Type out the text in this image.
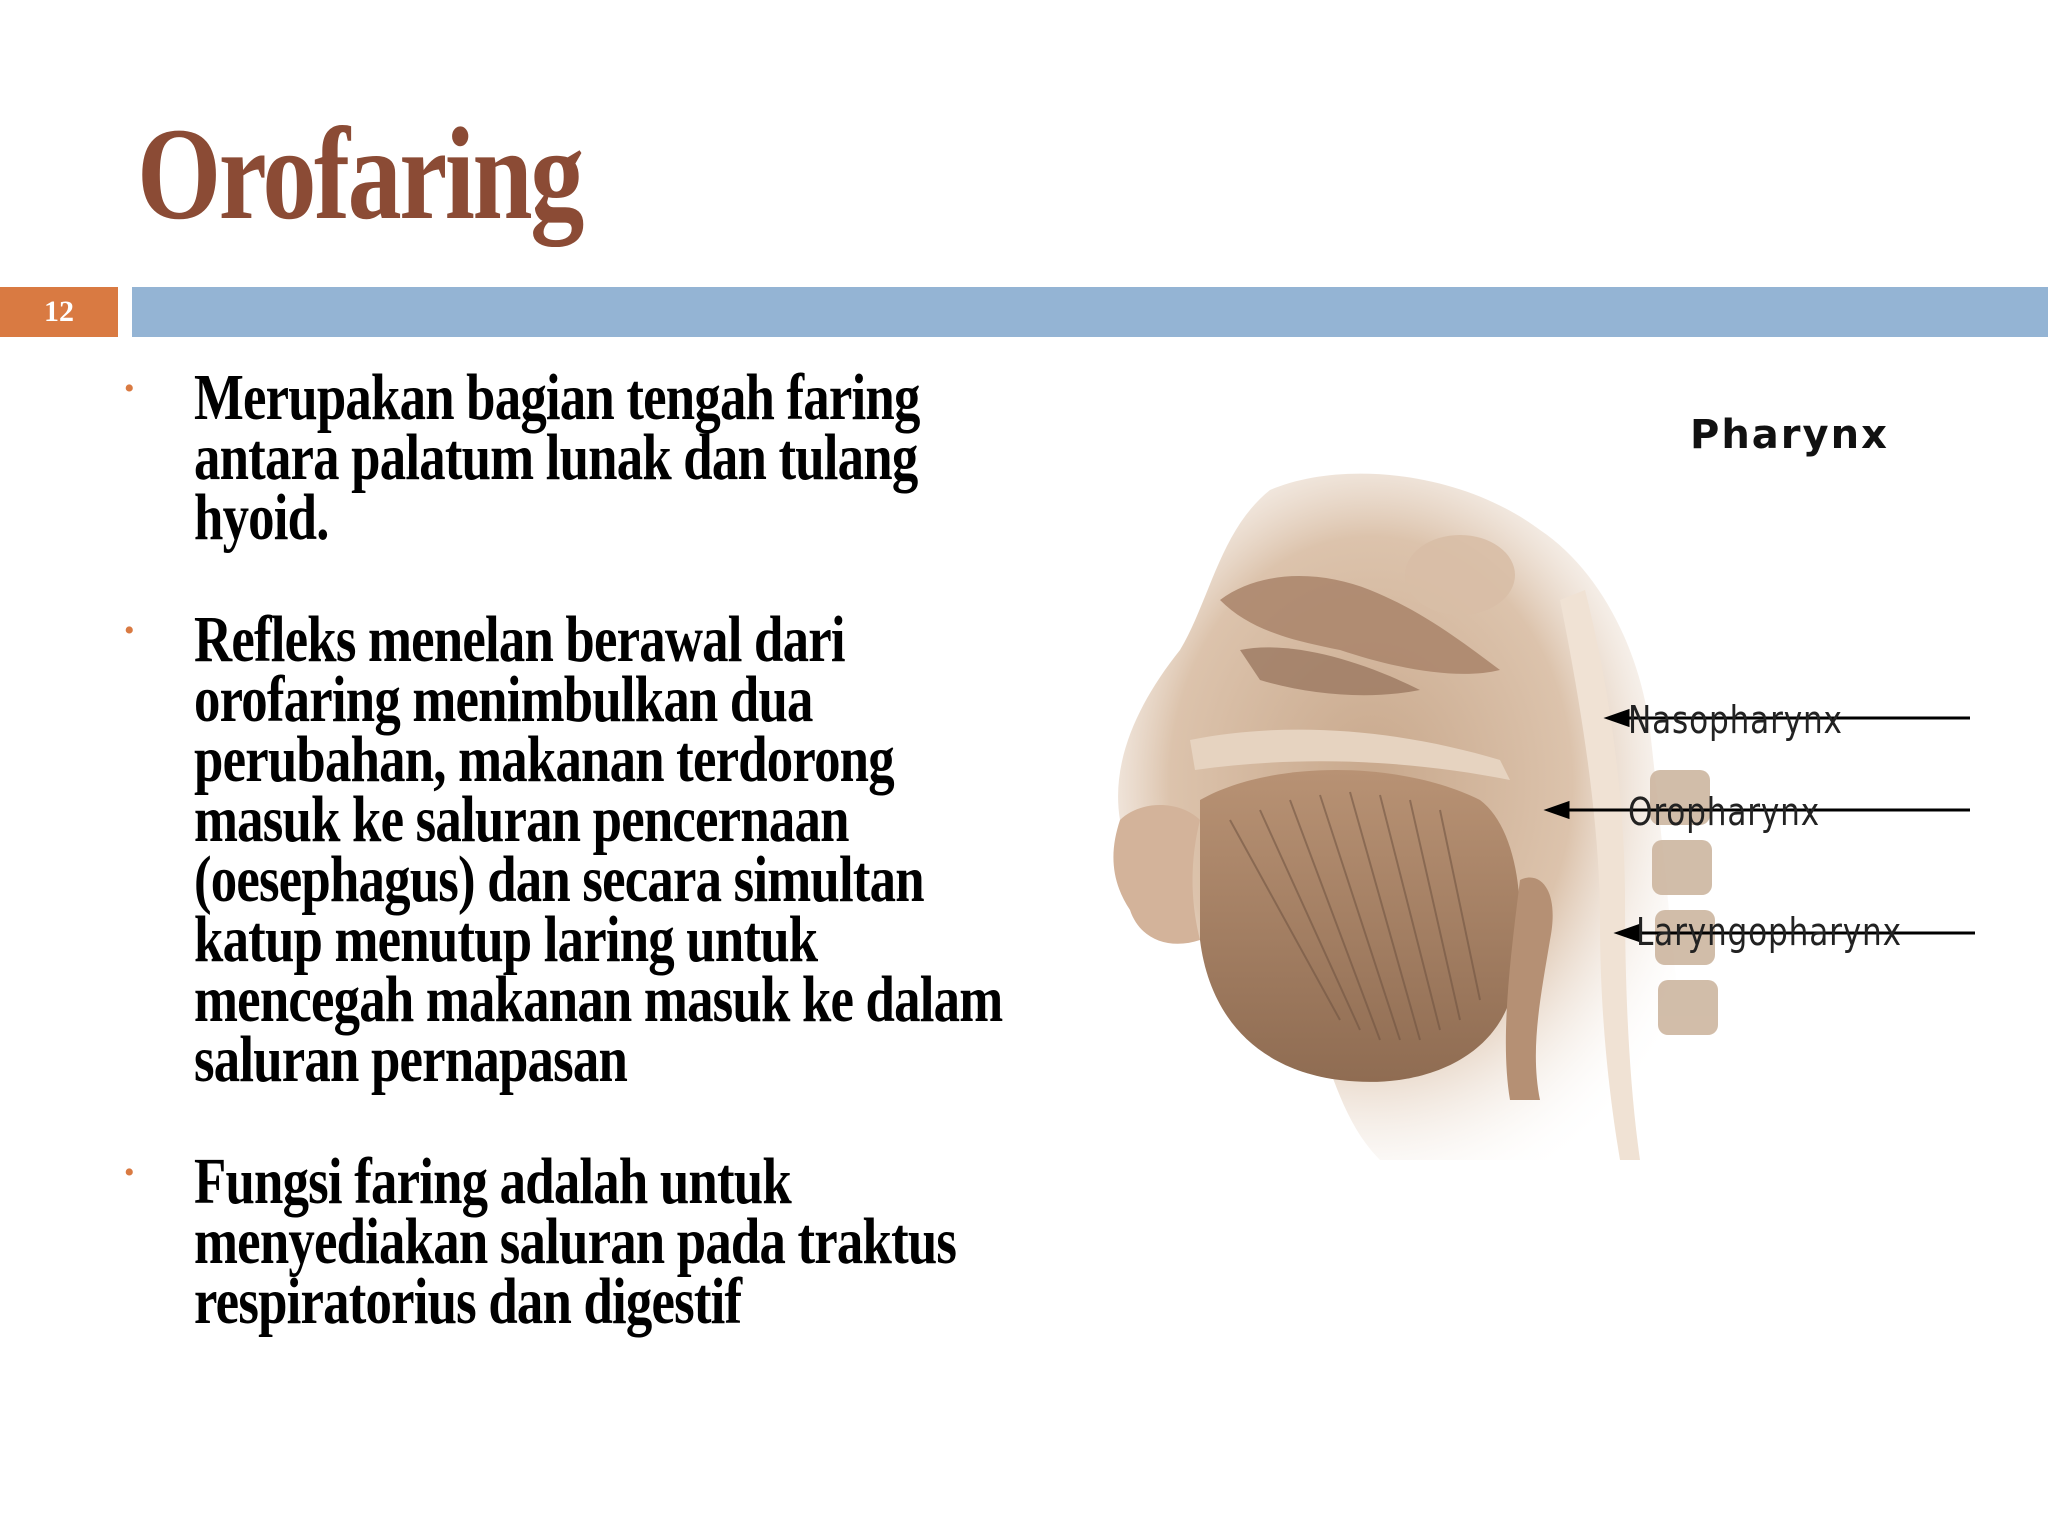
Orofaring
12
• Merupakan bagian tengah faring antara palatum lunak dan tulang hyoid.
• Refleks menelan berawal dari orofaring menimbulkan dua perubahan, makanan terdorong masuk ke saluran pencernaan (oesephagus) dan secara simultan katup menutup laring untuk mencegah makanan masuk ke dalam saluran pernapasan
• Fungsi faring adalah untuk menyediakan saluran pada traktus respiratorius dan digestif
Pharynx
Nasopharynx
Oropharynx
Laryngopharynx
